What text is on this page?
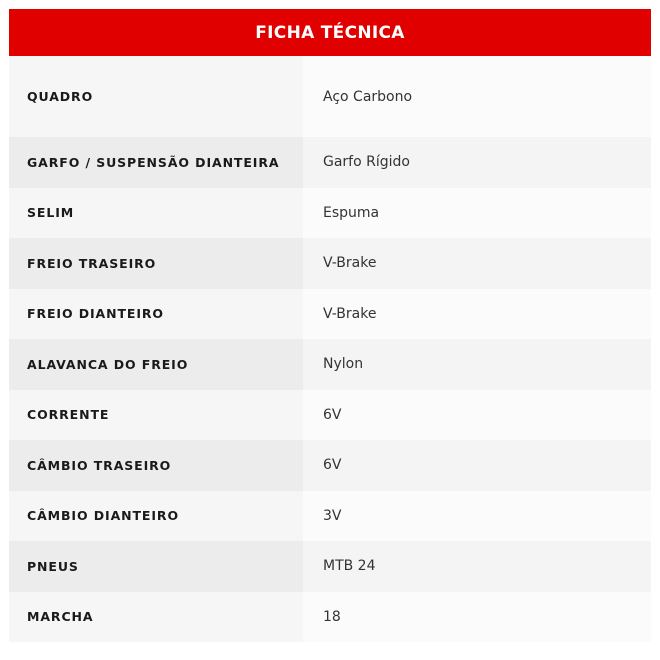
FICHA TÉCNICA
QUADRO	Aço Carbono
GARFO / SUSPENSÃO DIANTEIRA	Garfo Rígido
SELIM	Espuma
FREIO TRASEIRO	V-Brake
FREIO DIANTEIRO	V-Brake
ALAVANCA DO FREIO	Nylon
CORRENTE	6V
CÂMBIO TRASEIRO	6V
CÂMBIO DIANTEIRO	3V
PNEUS	MTB 24
MARCHA	18
